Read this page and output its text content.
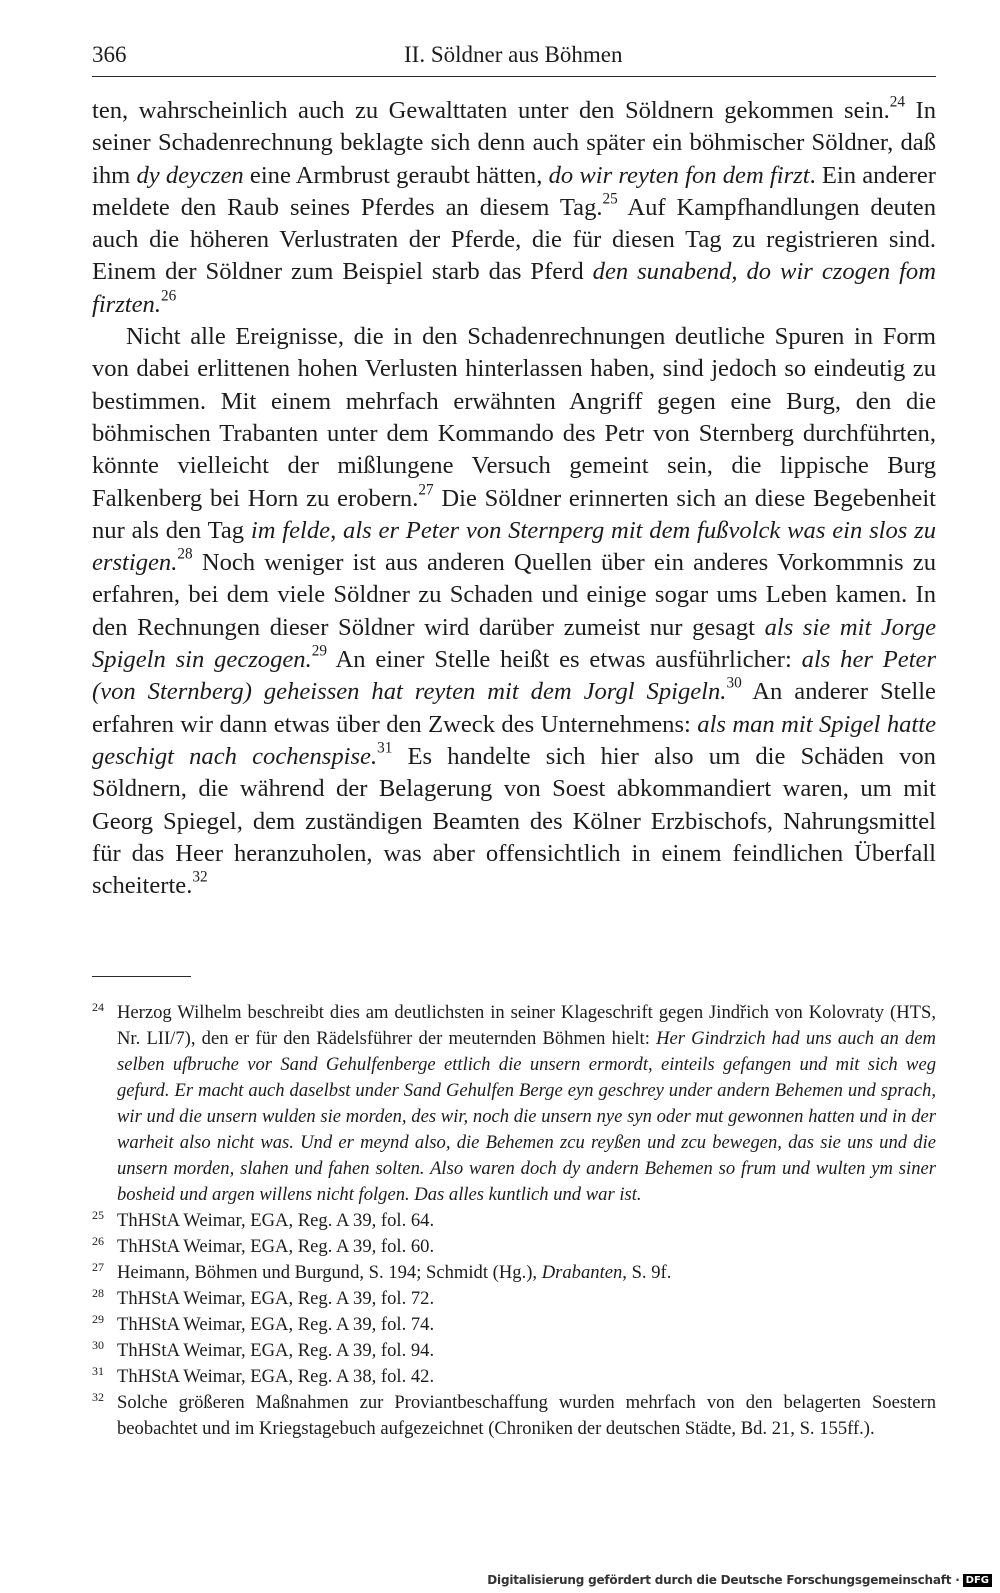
366	II. Söldner aus Böhmen

ten, wahrscheinlich auch zu Gewalttaten unter den Söldnern gekommen sein.$^{24}$ In seiner Schadenrechnung beklagte sich denn auch später ein böhmischer Söldner, daß ihm dy deyczen eine Armbrust geraubt hätten, do wir reyten fon dem firzt. Ein anderer meldete den Raub seines Pferdes an diesem Tag.$^{25}$ Auf Kampfhandlungen deuten auch die höheren Verlustraten der Pferde, die für diesen Tag zu registrieren sind. Einem der Söldner zum Beispiel starb das Pferd den sunabend, do wir czogen fom firzten.$^{26}$

Nicht alle Ereignisse, die in den Schadenrechnungen deutliche Spuren in Form von dabei erlittenen hohen Verlusten hinterlassen haben, sind jedoch so eindeutig zu bestimmen. Mit einem mehrfach erwähnten Angriff gegen eine Burg, den die böhmischen Trabanten unter dem Kommando des Petr von Sternberg durchführten, könnte vielleicht der mißlungene Versuch gemeint sein, die lippische Burg Falkenberg bei Horn zu erobern.$^{27}$ Die Söldner erinnerten sich an diese Begebenheit nur als den Tag im felde, als er Peter von Sternperg mit dem fußvolck was ein slos zu erstigen.$^{28}$ Noch weniger ist aus anderen Quellen über ein anderes Vorkommnis zu erfahren, bei dem viele Söldner zu Schaden und einige sogar ums Leben kamen. In den Rechnungen dieser Söldner wird darüber zumeist nur gesagt als sie mit Jorge Spigeln sin geczogen.$^{29}$ An einer Stelle heißt es etwas ausführlicher: als her Peter (von Sternberg) geheissen hat reyten mit dem Jorgl Spigeln.$^{30}$ An anderer Stelle erfahren wir dann etwas über den Zweck des Unternehmens: als man mit Spigel hatte geschigt nach cochenspise.$^{31}$ Es handelte sich hier also um die Schäden von Söldnern, die während der Belagerung von Soest abkommandiert waren, um mit Georg Spiegel, dem zuständigen Beamten des Kölner Erzbischofs, Nahrungsmittel für das Heer heranzuholen, was aber offensichtlich in einem feindlichen Überfall scheiterte.$^{32}$

24 Herzog Wilhelm beschreibt dies am deutlichsten in seiner Klageschrift gegen Jindřich von Kolovraty (HTS, Nr. LII/7), den er für den Rädelsführer der meuternden Böhmen hielt: Her Gindrzich had uns auch an dem selben ufbruche vor Sand Gehulfenberge ettlich die unsern ermordt, einteils gefangen und mit sich weg gefurd. Er macht auch daselbst under Sand Gehulfen Berge eyn geschrey under andern Behemen und sprach, wir und die unsern wulden sie morden, des wir, noch die unsern nye syn oder mut gewonnen hatten und in der warheit also nicht was. Und er meynd also, die Behemen zcu reyßen und zcu bewegen, das sie uns und die unsern morden, slahen und fahen solten. Also waren doch dy andern Behemen so frum und wulten ym siner bosheid und argen willens nicht folgen. Das alles kuntlich und war ist.
25 ThHStA Weimar, EGA, Reg. A 39, fol. 64.
26 ThHStA Weimar, EGA, Reg. A 39, fol. 60.
27 Heimann, Böhmen und Burgund, S. 194; Schmidt (Hg.), Drabanten, S. 9f.
28 ThHStA Weimar, EGA, Reg. A 39, fol. 72.
29 ThHStA Weimar, EGA, Reg. A 39, fol. 74.
30 ThHStA Weimar, EGA, Reg. A 39, fol. 94.
31 ThHStA Weimar, EGA, Reg. A 38, fol. 42.
32 Solche größeren Maßnahmen zur Proviantbeschaffung wurden mehrfach von den belagerten Soestern beobachtet und im Kriegstagebuch aufgezeichnet (Chroniken der deutschen Städte, Bd. 21, S. 155ff.).
Digitalisierung gefördert durch die Deutsche Forschungsgemeinschaft · DFG
